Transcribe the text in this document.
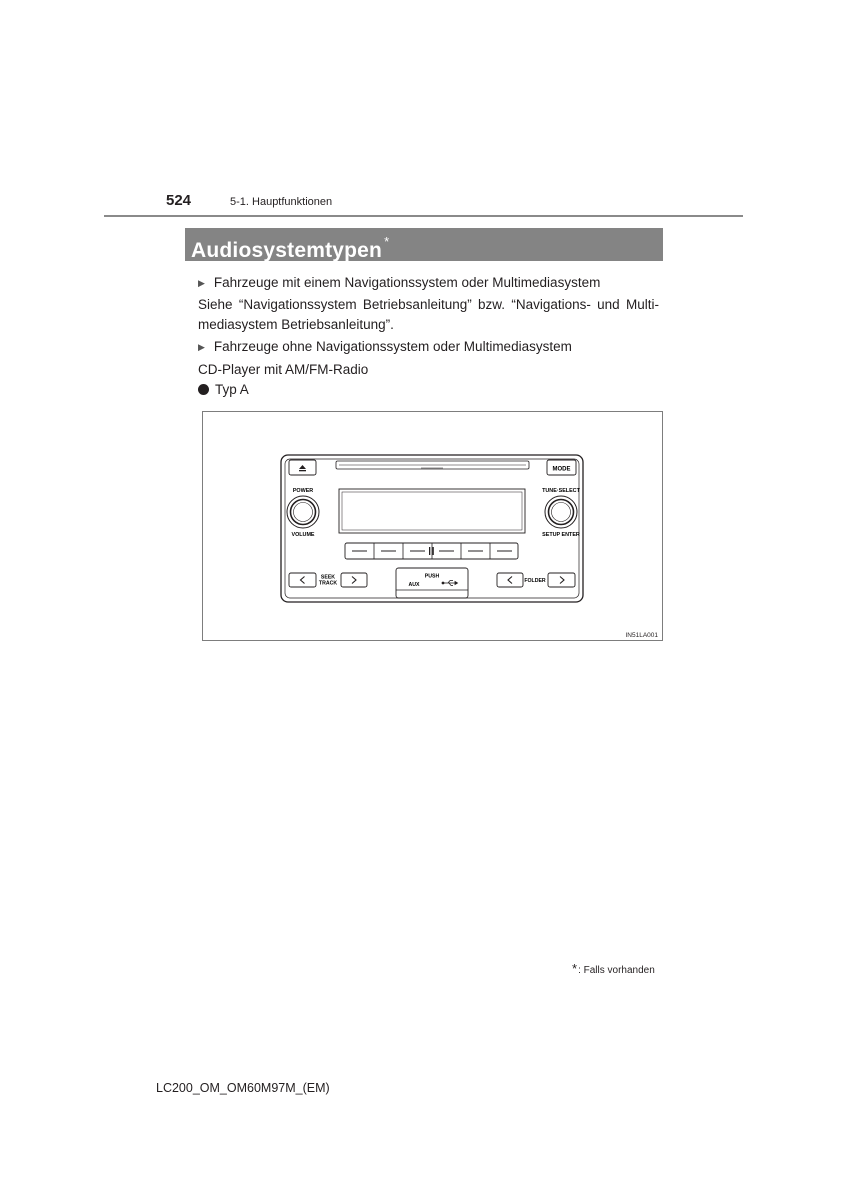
524	5-1. Hauptfunktionen
Audiosystemtypen *
▶ Fahrzeuge mit einem Navigationssystem oder Multimediasystem
Siehe “Navigationssystem Betriebsanleitung” bzw. “Navigations- und Multi-mediasystem Betriebsanleitung”.
▶ Fahrzeuge ohne Navigationssystem oder Multimediasystem
CD-Player mit AM/FM-Radio
Typ A
MODE
POWER
VOLUME
TUNE·SELECT
SETUP ENTER
SEEK
TRACK
PUSH
AUX
FOLDER
IN51LA001
*: Falls vorhanden
LC200_OM_OM60M97M_(EM)
